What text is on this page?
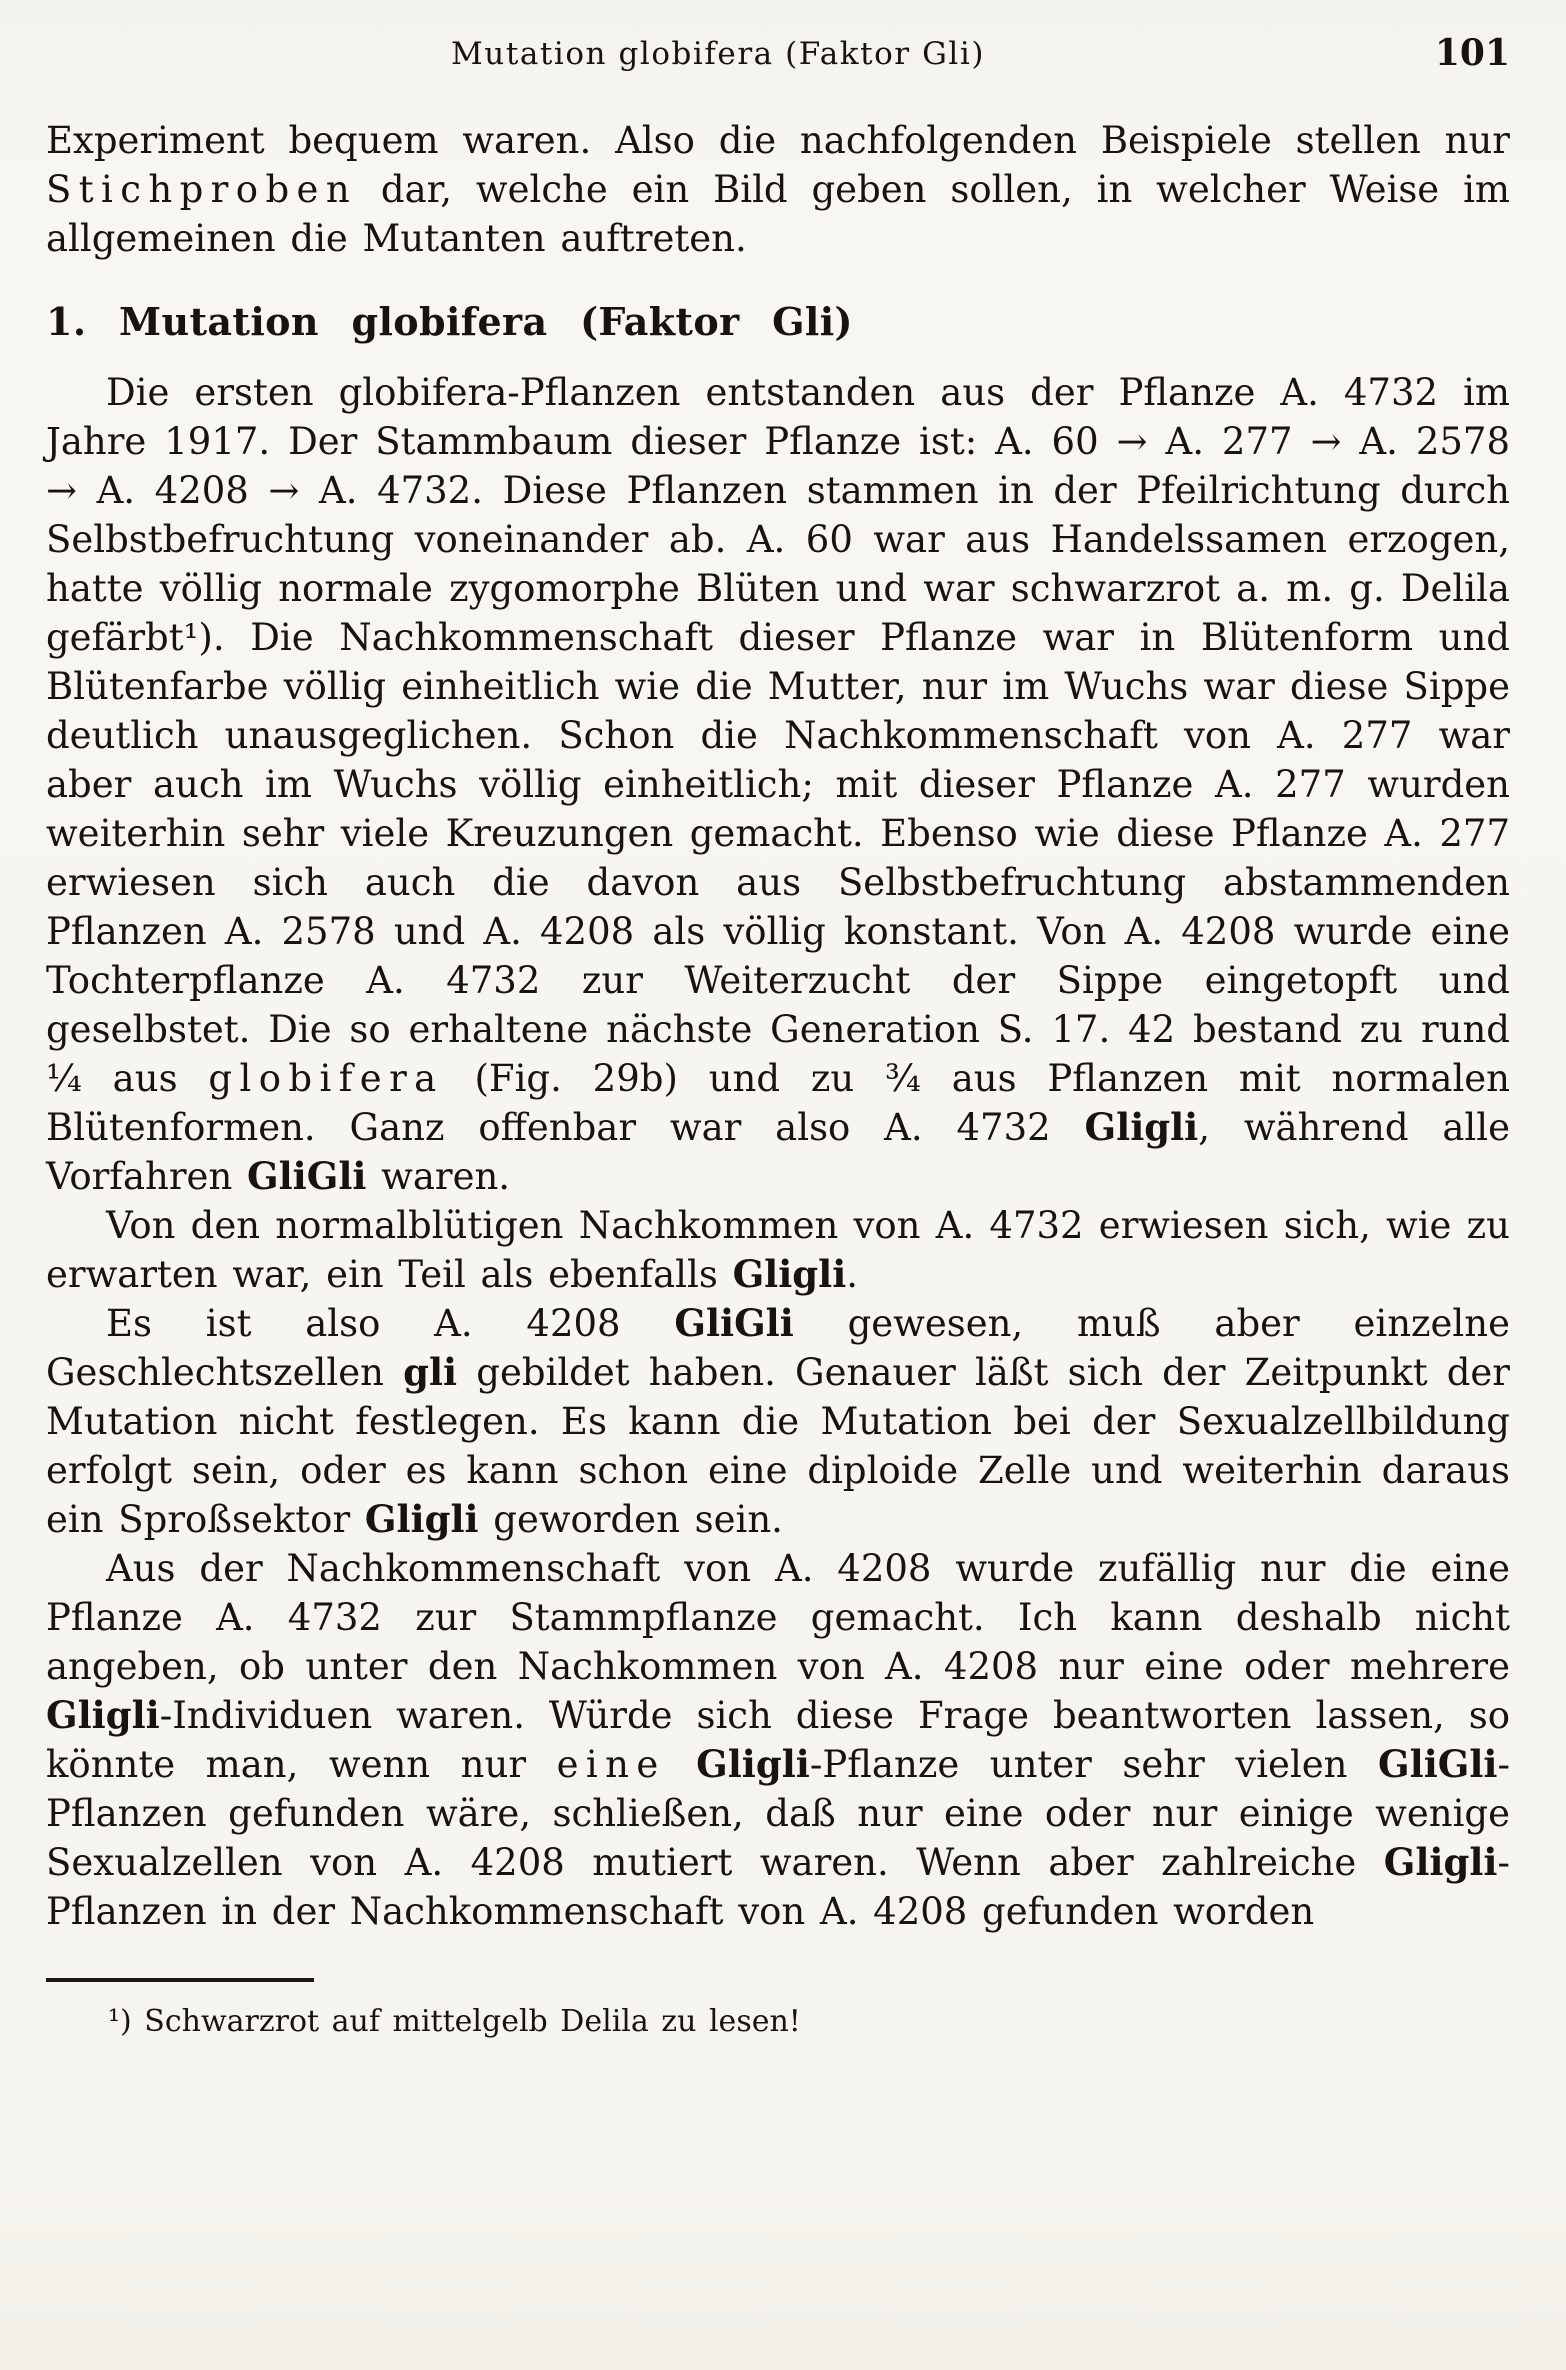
Mutation globifera (Faktor Gli)	101

Experiment bequem waren. Also die nachfolgenden Beispiele stellen nur Stichproben dar, welche ein Bild geben sollen, in welcher Weise im allgemeinen die Mutanten auftreten.

1. Mutation globifera (Faktor Gli)

Die ersten globifera-Pflanzen entstanden aus der Pflanze A. 4732 im Jahre 1917. Der Stammbaum dieser Pflanze ist: A. 60 → A. 277 → A. 2578 → A. 4208 → A. 4732. Diese Pflanzen stammen in der Pfeilrichtung durch Selbstbefruchtung voneinander ab. A. 60 war aus Handelssamen erzogen, hatte völlig normale zygomorphe Blüten und war schwarzrot a. m. g. Delila gefärbt¹). Die Nachkommenschaft dieser Pflanze war in Blütenform und Blütenfarbe völlig einheitlich wie die Mutter, nur im Wuchs war diese Sippe deutlich unausgeglichen. Schon die Nachkommenschaft von A. 277 war aber auch im Wuchs völlig einheitlich; mit dieser Pflanze A. 277 wurden weiterhin sehr viele Kreuzungen gemacht. Ebenso wie diese Pflanze A. 277 erwiesen sich auch die davon aus Selbstbefruchtung abstammenden Pflanzen A. 2578 und A. 4208 als völlig konstant. Von A. 4208 wurde eine Tochterpflanze A. 4732 zur Weiterzucht der Sippe eingetopft und geselbstet. Die so erhaltene nächste Generation S. 17. 42 bestand zu rund ¼ aus globifera (Fig. 29b) und zu ¾ aus Pflanzen mit normalen Blütenformen. Ganz offenbar war also A. 4732 Gligli, während alle Vorfahren GliGli waren.

Von den normalblütigen Nachkommen von A. 4732 erwiesen sich, wie zu erwarten war, ein Teil als ebenfalls Gligli.

Es ist also A. 4208 GliGli gewesen, muß aber einzelne Geschlechtszellen gli gebildet haben. Genauer läßt sich der Zeitpunkt der Mutation nicht festlegen. Es kann die Mutation bei der Sexualzellbildung erfolgt sein, oder es kann schon eine diploide Zelle und weiterhin daraus ein Sproßsektor Gligli geworden sein.

Aus der Nachkommenschaft von A. 4208 wurde zufällig nur die eine Pflanze A. 4732 zur Stammpflanze gemacht. Ich kann deshalb nicht angeben, ob unter den Nachkommen von A. 4208 nur eine oder mehrere Gligli-Individuen waren. Würde sich diese Frage beantworten lassen, so könnte man, wenn nur eine Gligli-Pflanze unter sehr vielen GliGli-Pflanzen gefunden wäre, schließen, daß nur eine oder nur einige wenige Sexualzellen von A. 4208 mutiert waren. Wenn aber zahlreiche Gligli-Pflanzen in der Nachkommenschaft von A. 4208 gefunden worden

¹) Schwarzrot auf mittelgelb Delila zu lesen!
